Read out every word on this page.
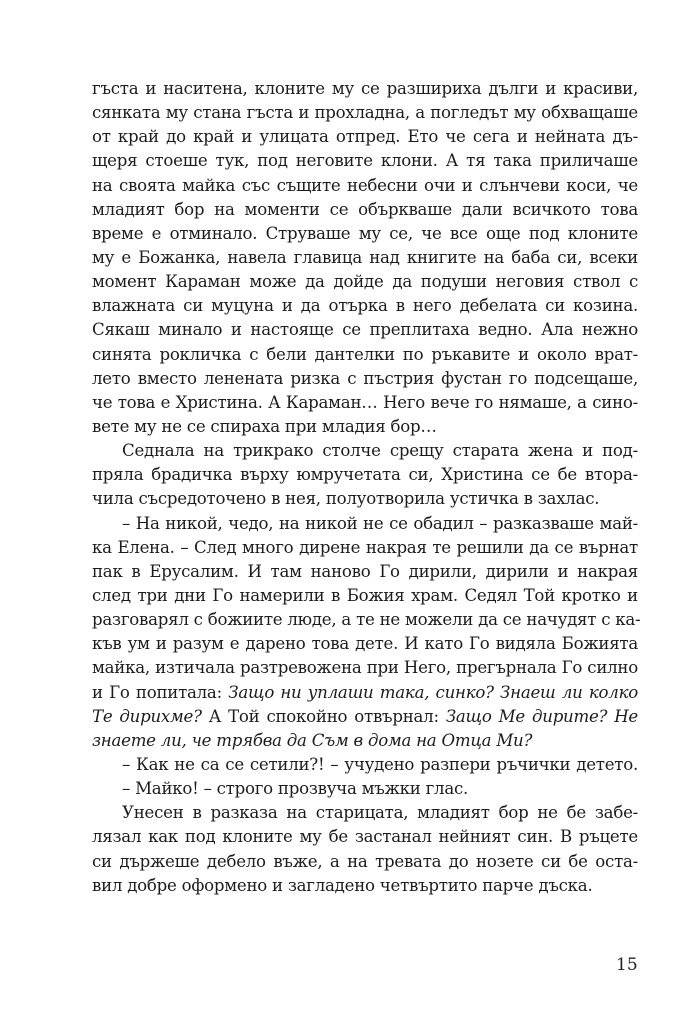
гъста и наситена, клоните му се разшириха дълги и красиви,
сянката му стана гъста и прохладна, а погледът му обхващаше
от край до край и улицата отпред. Ето че сега и нейната дъ-
щеря стоеше тук, под неговите клони. А тя така приличаше
на своята майка със същите небесни очи и слънчеви коси, че
младият бор на моменти се объркваше дали всичкото това
време е отминало. Струваше му се, че все още под клоните
му е Божанка, навела главица над книгите на баба си, всеки
момент Караман може да дойде да подуши неговия ствол с
влажната си муцуна и да отърка в него дебелата си козина.
Сякаш минало и настояще се преплитаха ведно. Ала нежно
синята рокличка с бели дантелки по ръкавите и около врат-
лето вместо ленената ризка с пъстрия фустан го подсещаше,
че това е Христина. А Караман… Него вече го нямаше, а сино-
вете му не се спираха при младия бор…
Седнала на трикрако столче срещу старата жена и под-
пряла брадичка върху юмручетата си, Христина се бе втора-
чила съсредоточено в нея, полуотворила устичка в захлас.
– На никой, чедо, на никой не се обадил – разказваше май-
ка Елена. – След много дирене накрая те решили да се върнат
пак в Ерусалим. И там наново Го дирили, дирили и накрая
след три дни Го намерили в Божия храм. Седял Той кротко и
разговарял с божиите люде, а те не можели да се начудят с ка-
къв ум и разум е дарено това дете. И като Го видяла Божията
майка, изтичала разтревожена при Него, прегърнала Го силно
и Го попитала: Защо ни уплаши така, синко? Знаеш ли колко
Те дирихме? А Той спокойно отвърнал: Защо Ме дирите? Не
знаете ли, че трябва да Съм в дома на Отца Ми?
– Как не са се сетили?! – учудено разпери ръчички детето.
– Майко! – строго прозвуча мъжки глас.
Унесен в разказа на старицата, младият бор не бе забе-
лязал как под клоните му бе застанал нейният син. В ръцете
си държеше дебело въже, а на тревата до нозете си бе оста-
вил добре оформено и загладено четвъртито парче дъска.
15
